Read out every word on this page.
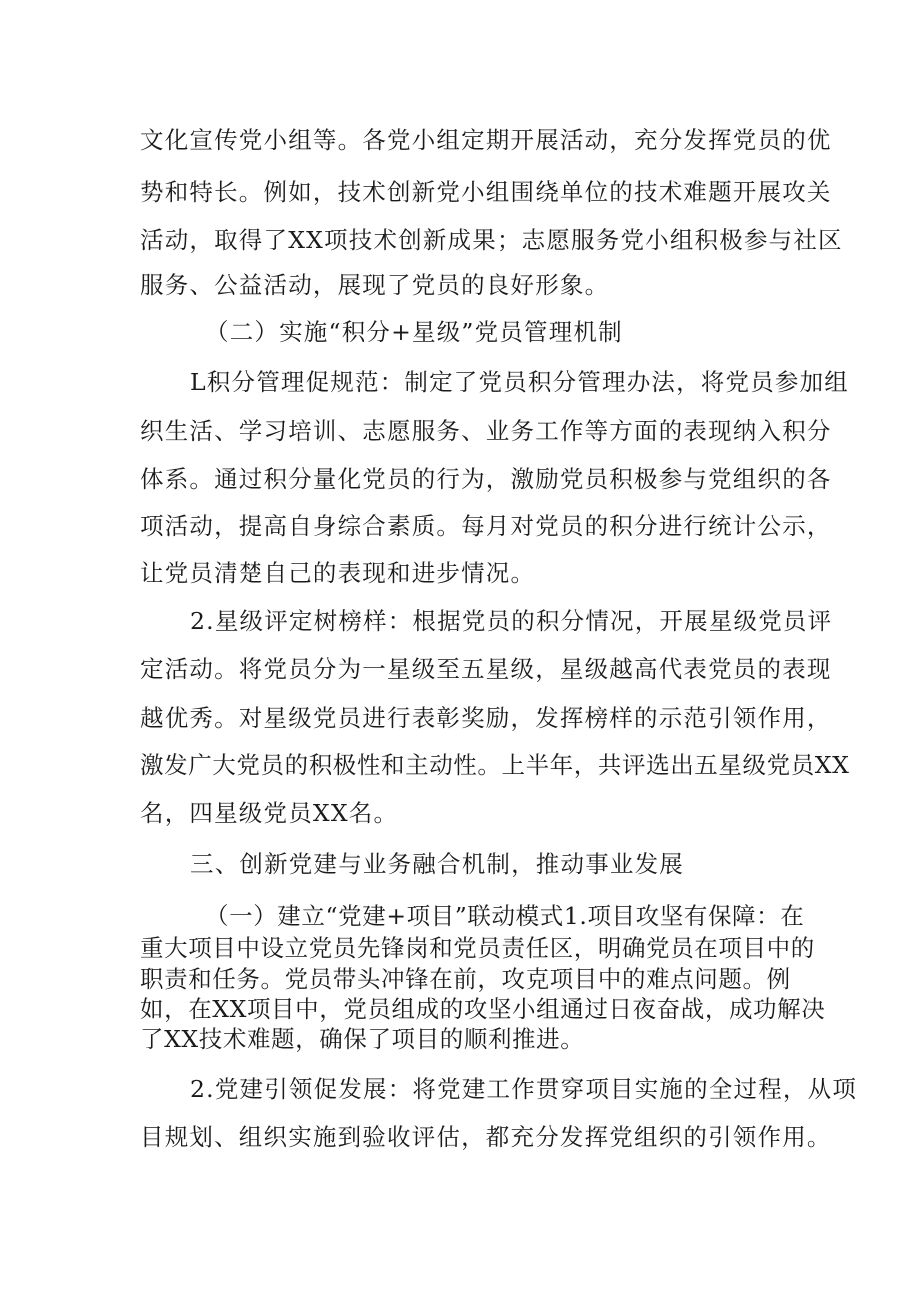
文化宣传党小组等。各党小组定期开展活动，充分发挥党员的优
势和特长。例如，技术创新党小组围绕单位的技术难题开展攻关
活动，取得了XX项技术创新成果；志愿服务党小组积极参与社区
服务、公益活动，展现了党员的良好形象。
（二）实施“积分+星级”党员管理机制
L积分管理促规范：制定了党员积分管理办法，将党员参加组
织生活、学习培训、志愿服务、业务工作等方面的表现纳入积分
体系。通过积分量化党员的行为，激励党员积极参与党组织的各
项活动，提高自身综合素质。每月对党员的积分进行统计公示，
让党员清楚自己的表现和进步情况。
2.星级评定树榜样：根据党员的积分情况，开展星级党员评
定活动。将党员分为一星级至五星级，星级越高代表党员的表现
越优秀。对星级党员进行表彰奖励，发挥榜样的示范引领作用，
激发广大党员的积极性和主动性。上半年，共评选出五星级党员XX
名，四星级党员XX名。
三、创新党建与业务融合机制，推动事业发展
（一）建立“党建+项目”联动模式1.项目攻坚有保障：在
重大项目中设立党员先锋岗和党员责任区，明确党员在项目中的
职责和任务。党员带头冲锋在前，攻克项目中的难点问题。例
如，在XX项目中，党员组成的攻坚小组通过日夜奋战，成功解决
了XX技术难题，确保了项目的顺利推进。
2.党建引领促发展：将党建工作贯穿项目实施的全过程，从项
目规划、组织实施到验收评估，都充分发挥党组织的引领作用。
